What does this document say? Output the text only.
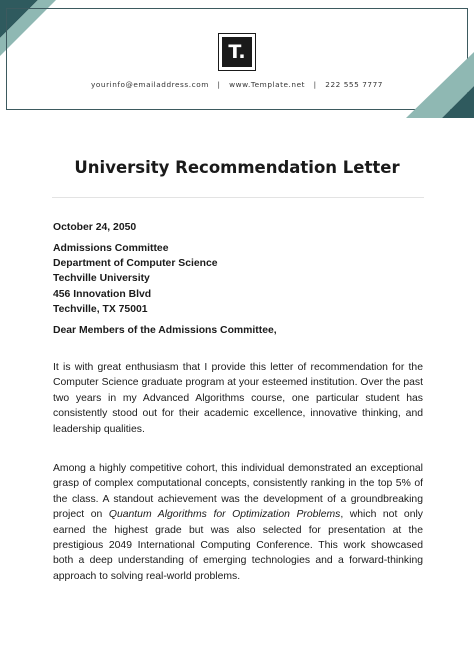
T.
yourinfo@emailaddress.com | www.Template.net | 222 555 7777
University Recommendation Letter
October 24, 2050
Admissions Committee
Department of Computer Science
Techville University
456 Innovation Blvd
Techville, TX 75001
Dear Members of the Admissions Committee,

It is with great enthusiasm that I provide this letter of recommendation for the Computer Science graduate program at your esteemed institution. Over the past two years in my Advanced Algorithms course, one particular student has consistently stood out for their academic excellence, innovative thinking, and leadership qualities.

Among a highly competitive cohort, this individual demonstrated an exceptional grasp of complex computational concepts, consistently ranking in the top 5% of the class. A standout achievement was the development of a groundbreaking project on Quantum Algorithms for Optimization Problems, which not only earned the highest grade but was also selected for presentation at the prestigious 2049 International Computing Conference. This work showcased both a deep understanding of emerging technologies and a forward-thinking approach to solving real-world problems.
